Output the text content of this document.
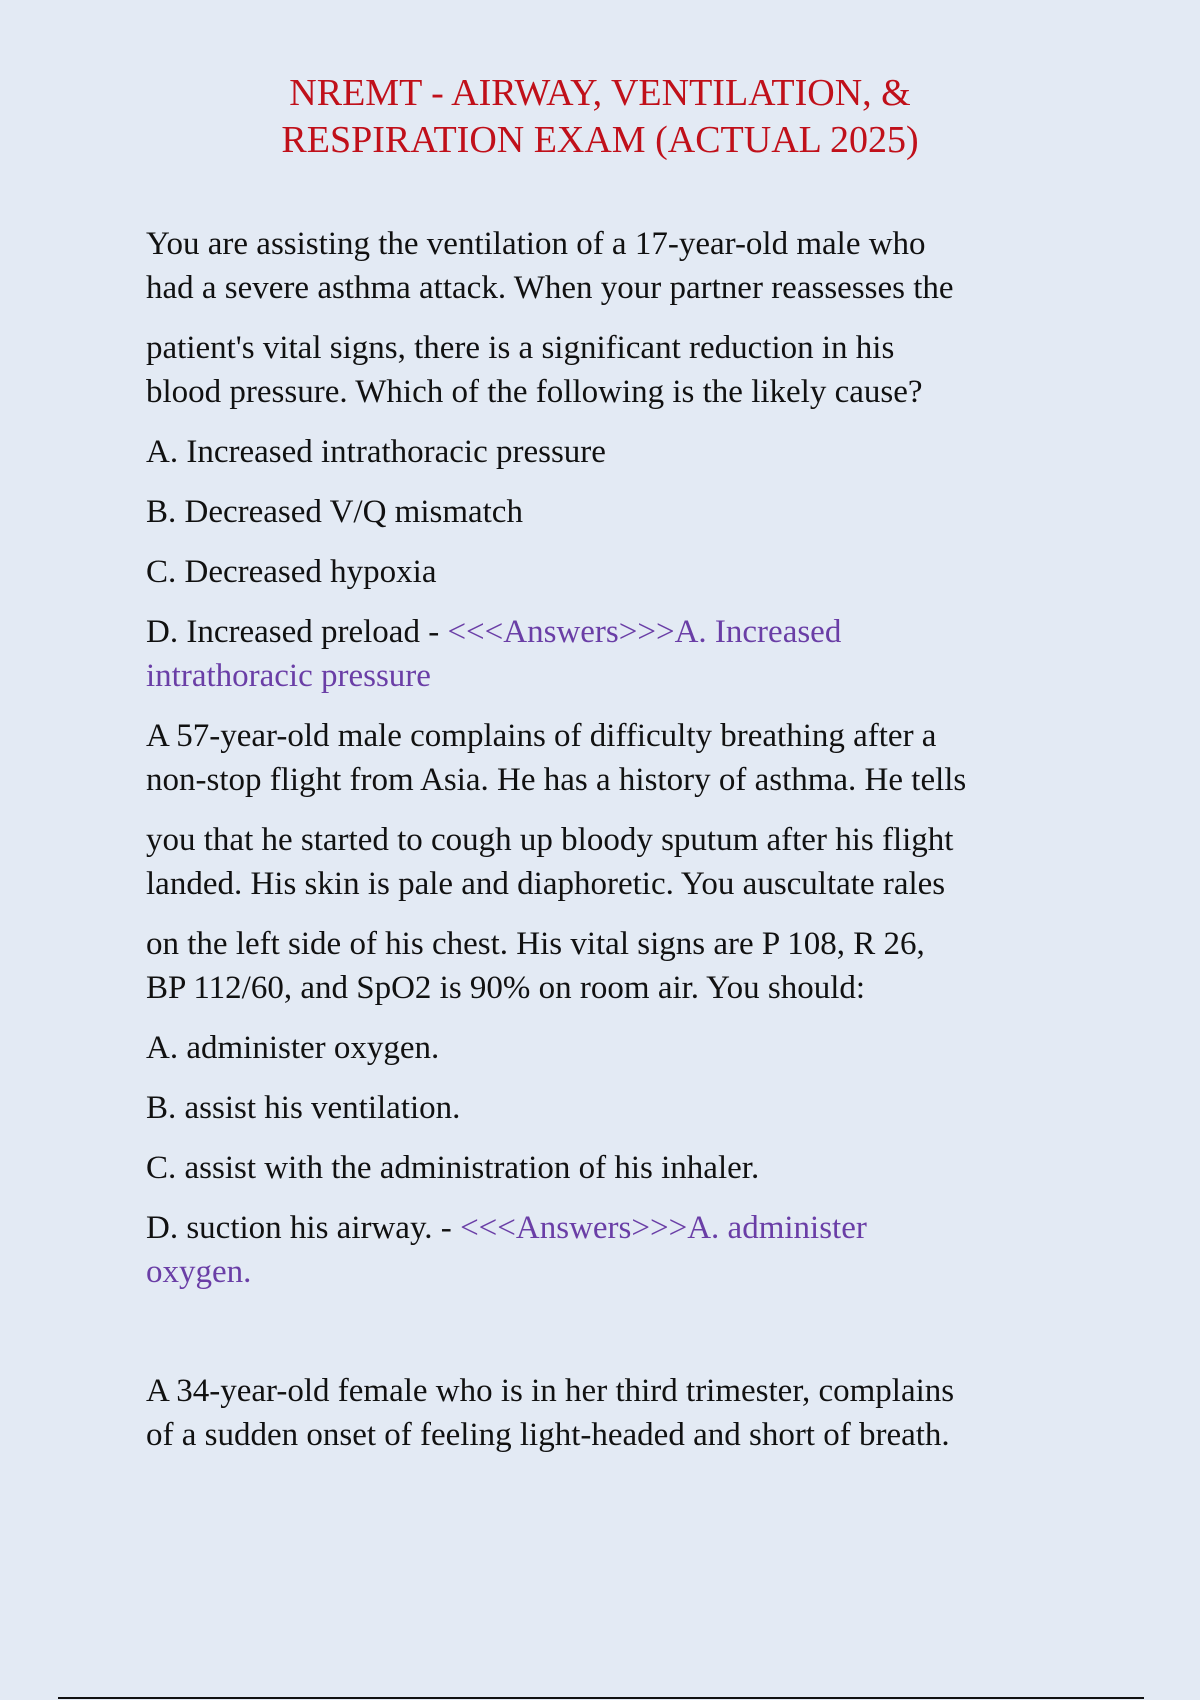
NREMT - AIRWAY, VENTILATION, &
RESPIRATION EXAM (ACTUAL 2025)
You are assisting the ventilation of a 17-year-old male who
had a severe asthma attack. When your partner reassesses the
patient's vital signs, there is a significant reduction in his
blood pressure. Which of the following is the likely cause?
A. Increased intrathoracic pressure
B. Decreased V/Q mismatch
C. Decreased hypoxia
D. Increased preload - <<<Answers>>>A. Increased
intrathoracic pressure
A 57-year-old male complains of difficulty breathing after a
non-stop flight from Asia. He has a history of asthma. He tells
you that he started to cough up bloody sputum after his flight
landed. His skin is pale and diaphoretic. You auscultate rales
on the left side of his chest. His vital signs are P 108, R 26,
BP 112/60, and SpO2 is 90% on room air. You should:
A. administer oxygen.
B. assist his ventilation.
C. assist with the administration of his inhaler.
D. suction his airway. - <<<Answers>>>A. administer
oxygen.
A 34-year-old female who is in her third trimester, complains
of a sudden onset of feeling light-headed and short of breath.
